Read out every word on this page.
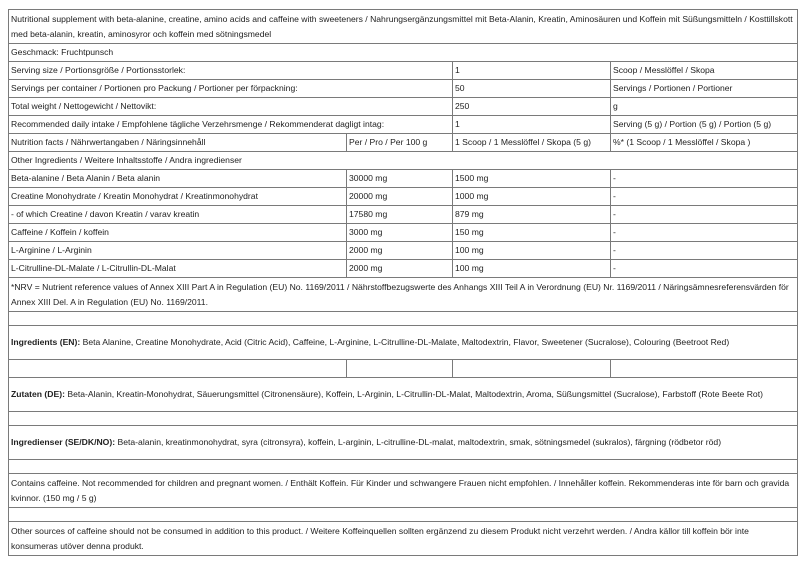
Nutritional supplement with beta-alanine, creatine, amino acids and caffeine with sweeteners / Nahrungsergänzungsmittel mit Beta-Alanin, Kreatin, Aminosäuren und Koffein mit Süßungsmitteln / Kosttillskott med beta-alanin, kreatin, aminosyror och koffein med sötningsmedel			
Geschmack: Fruchtpunsch			
Serving size / Portionsgröße / Portionsstorlek:		1	Scoop / Messlöffel / Skopa
Servings per container / Portionen pro Packung / Portioner per förpackning:		50	Servings / Portionen / Portioner
Total weight / Nettogewicht / Nettovikt:		250	g
Recommended daily intake / Empfohlene tägliche Verzehrsmenge / Rekommenderat dagligt intag:		1	Serving (5 g) / Portion (5 g) / Portion (5 g)
Nutrition facts / Nährwertangaben / Näringsinnehåll	Per / Pro / Per 100 g	1 Scoop / 1 Messlöffel / Skopa (5 g)	%* (1 Scoop / 1 Messlöffel / Skopa )
Other Ingredients / Weitere Inhaltsstoffe / Andra ingredienser			
Beta-alanine / Beta Alanin / Beta alanin	30000 mg	1500 mg	-
Creatine Monohydrate / Kreatin Monohydrat / Kreatinmonohydrat	20000 mg	1000 mg	-
- of which Creatine / davon Kreatin / varav kreatin	17580 mg	879 mg	-
Caffeine / Koffein / koffein	3000 mg	150 mg	-
L-Arginine / L-Arginin	2000 mg	100 mg	-
L-Citrulline-DL-Malate / L-Citrullin-DL-Malat	2000 mg	100 mg	-
*NRV = Nutrient reference values of Annex XIII Part A in Regulation (EU) No. 1169/2011 / Nährstoffbezugswerte des Anhangs XIII Teil A in Verordnung (EU) Nr. 1169/2011 / Näringsämnesreferensvärden för Annex XIII Del. A in Regulation (EU) No. 1169/2011.			

Ingredients (EN): Beta Alanine, Creatine Monohydrate, Acid (Citric Acid), Caffeine, L-Arginine, L-Citrulline-DL-Malate, Maltodextrin, Flavor, Sweetener (Sucralose), Colouring (Beetroot Red)			

Zutaten (DE): Beta-Alanin, Kreatin-Monohydrat, Säuerungsmittel (Citronensäure), Koffein, L-Arginin, L-Citrullin-DL-Malat, Maltodextrin, Aroma, Süßungsmittel (Sucralose), Farbstoff (Rote Beete Rot)			

Ingredienser (SE/DK/NO): Beta-alanin, kreatinmonohydrat, syra (citronsyra), koffein, L-arginin, L-citrulline-DL-malat, maltodextrin, smak, sötningsmedel (sukralos), färgning (rödbetor röd)			

Contains caffeine. Not recommended for children and pregnant women. / Enthält Koffein. Für Kinder und schwangere Frauen nicht empfohlen. / Innehåller koffein. Rekommenderas inte för barn och gravida kvinnor. (150 mg / 5 g)			

Other sources of caffeine should not be consumed in addition to this product. / Weitere Koffeinquellen sollten ergänzend zu diesem Produkt nicht verzehrt werden. / Andra källor till koffein bör inte konsumeras utöver denna produkt.			
